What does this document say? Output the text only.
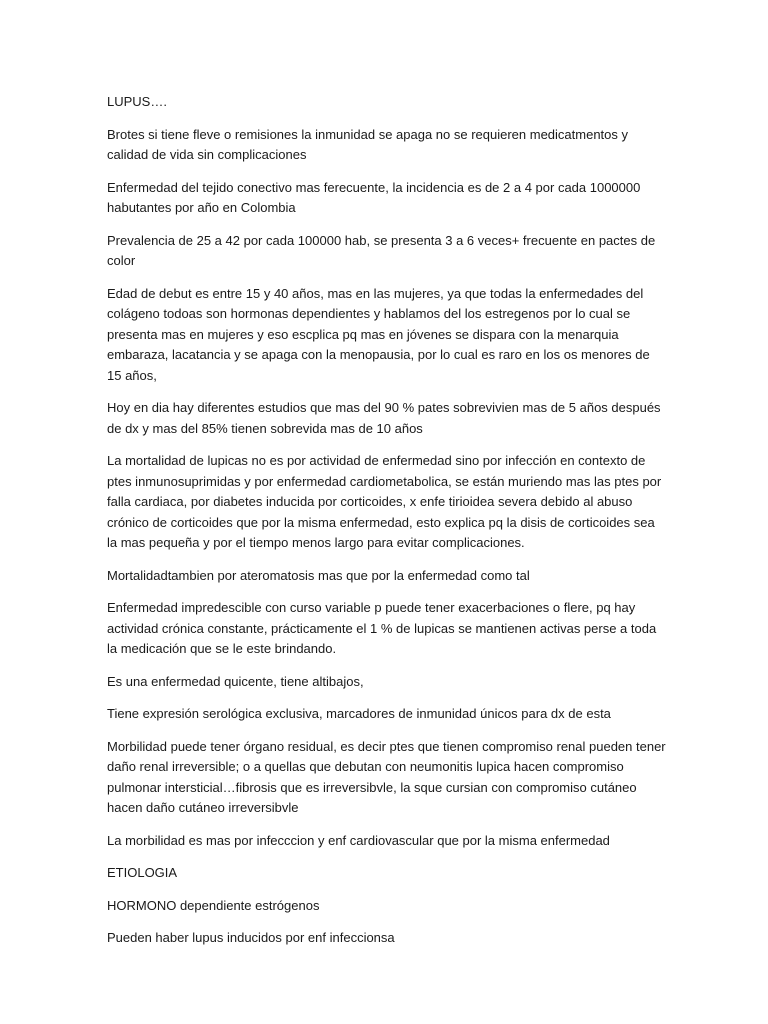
LUPUS….

Brotes si tiene fleve o remisiones la inmunidad se apaga no se requieren medicatmentos y calidad de vida sin complicaciones

Enfermedad del tejido conectivo mas ferecuente, la incidencia es de 2 a 4 por cada 1000000 habutantes por año en Colombia

Prevalencia de 25 a 42 por cada 100000 hab, se presenta 3 a 6 veces+ frecuente en pactes de color

Edad de debut es entre 15 y 40 años, mas en las mujeres, ya que todas la enfermedades del colágeno todoas son hormonas dependientes y hablamos del los estregenos por lo cual se presenta mas en mujeres y eso escplica pq mas en jóvenes se dispara con la menarquia embaraza, lacatancia y se apaga con la menopausia, por lo cual es raro en los os menores de 15 años,

Hoy en dia hay diferentes estudios que mas del 90 % pates sobrevivien mas de 5 años después de dx y mas del 85% tienen sobrevida mas de 10 años

La mortalidad de lupicas no es por actividad de enfermedad sino por infección en contexto de ptes inmunosuprimidas y por enfermedad cardiometabolica, se están muriendo mas las ptes por falla cardiaca, por diabetes inducida por corticoides, x enfe tirioidea severa debido al abuso crónico de corticoides que por la misma enfermedad, esto explica pq la disis de corticoides sea la mas pequeña y por el tiempo menos largo para evitar complicaciones.

Mortalidadtambien por ateromatosis mas que por la enfermedad como tal

Enfermedad impredescible con curso variable p puede tener exacerbaciones o flere, pq hay actividad crónica constante, prácticamente el 1 % de lupicas se mantienen activas perse a toda la medicación que se le este brindando.

Es una enfermedad quicente, tiene altibajos,

Tiene expresión serológica exclusiva, marcadores de inmunidad únicos para dx de esta

Morbilidad puede tener órgano residual, es decir ptes que tienen compromiso renal pueden tener daño renal irreversible; o a quellas que debutan con neumonitis lupica hacen compromiso pulmonar intersticial…fibrosis que es irreversibvle, la sque cursian con compromiso cutáneo hacen daño cutáneo irreversibvle

La morbilidad es mas por infecccion y enf cardiovascular que por la misma enfermedad

ETIOLOGIA

HORMONO dependiente estrógenos

Pueden haber lupus inducidos por enf infeccionsa
